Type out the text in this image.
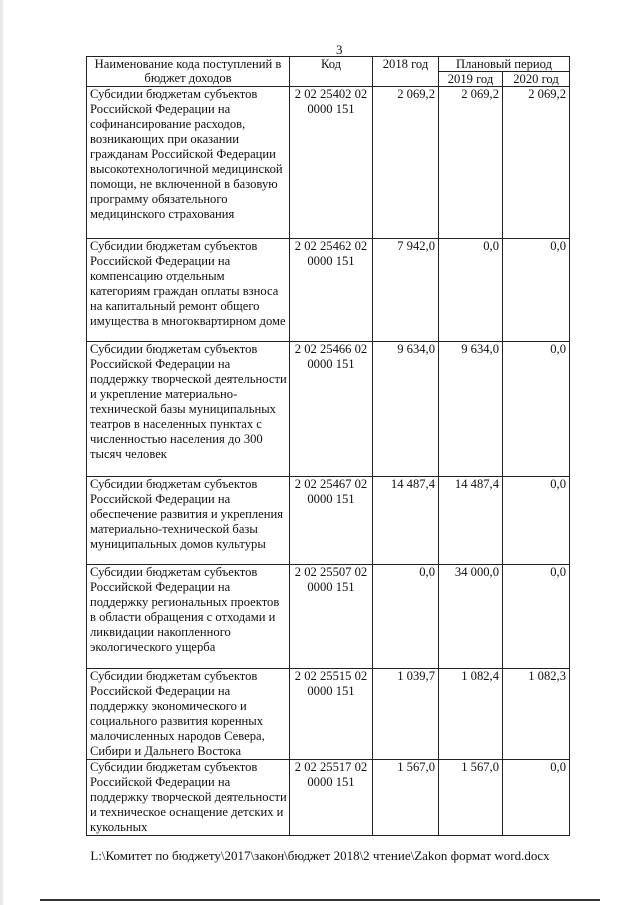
3
Наименование кода поступлений в бюджет доходов	Код	2018 год	Плановый период	
			2019 год	2020 год
Субсидии бюджетам субъектов Российской Федерации на софинансирование расходов, возникающих при оказании гражданам Российской Федерации высокотехнологичной медицинской помощи, не включенной в базовую программу обязательного медицинского страхования	2 02 25402 02 0000 151	2 069,2	2 069,2	2 069,2
Субсидии бюджетам субъектов Российской Федерации на компенсацию отдельным категориям граждан оплаты взноса на капитальный ремонт общего имущества в многоквартирном доме	2 02 25462 02 0000 151	7 942,0	0,0	0,0
Субсидии бюджетам субъектов Российской Федерации на поддержку творческой деятельности и укрепление материально-технической базы муниципальных театров в населенных пунктах с численностью населения до 300 тысяч человек	2 02 25466 02 0000 151	9 634,0	9 634,0	0,0
Субсидии бюджетам субъектов Российской Федерации на обеспечение развития и укрепления материально-технической базы муниципальных домов культуры	2 02 25467 02 0000 151	14 487,4	14 487,4	0,0
Субсидии бюджетам субъектов Российской Федерации на поддержку региональных проектов в области обращения с отходами и ликвидации накопленного экологического ущерба	2 02 25507 02 0000 151	0,0	34 000,0	0,0
Субсидии бюджетам субъектов Российской Федерации на поддержку экономического и социального развития коренных малочисленных народов Севера, Сибири и Дальнего Востока	2 02 25515 02 0000 151	1 039,7	1 082,4	1 082,3
Субсидии бюджетам субъектов Российской Федерации на поддержку творческой деятельности и техническое оснащение детских и кукольных	2 02 25517 02 0000 151	1 567,0	1 567,0	0,0
L:\Комитет по бюджету\2017\закон\бюджет 2018\2 чтение\Zakon формат word.docx
